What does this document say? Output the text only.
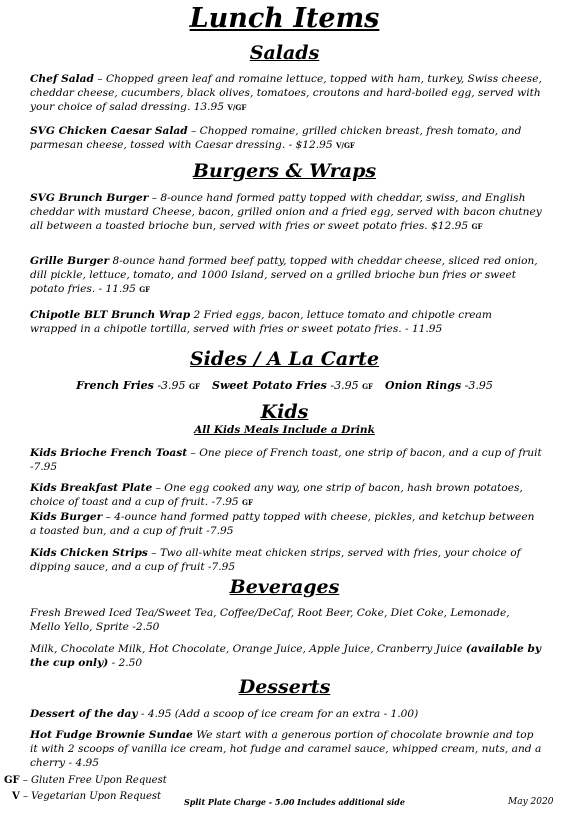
Lunch Items
Salads
Chef Salad – Chopped green leaf and romaine lettuce, topped with ham, turkey, Swiss cheese, cheddar cheese, cucumbers, black olives, tomatoes, croutons and hard-boiled egg, served with your choice of salad dressing. 13.95 V/GF
SVG Chicken Caesar Salad – Chopped romaine, grilled chicken breast, fresh tomato, and parmesan cheese, tossed with Caesar dressing. - $12.95 V/GF
Burgers & Wraps
SVG Brunch Burger – 8-ounce hand formed patty topped with cheddar, swiss, and English cheddar with mustard Cheese, bacon, grilled onion and a fried egg, served with bacon chutney all between a toasted brioche bun, served with fries or sweet potato fries. $12.95 GF
Grille Burger 8-ounce hand formed beef patty, topped with cheddar cheese, sliced red onion, dill pickle, lettuce, tomato, and 1000 Island, served on a grilled brioche bun fries or sweet potato fries. - 11.95 GF
Chipotle BLT Brunch Wrap 2 Fried eggs, bacon, lettuce tomato and chipotle cream wrapped in a chipotle tortilla, served with fries or sweet potato fries. - 11.95
Sides / A La Carte
French Fries -3.95 GF Sweet Potato Fries -3.95 GF Onion Rings -3.95
Kids
All Kids Meals Include a Drink
Kids Brioche French Toast – One piece of French toast, one strip of bacon, and a cup of fruit -7.95
Kids Breakfast Plate – One egg cooked any way, one strip of bacon, hash brown potatoes, choice of toast and a cup of fruit. -7.95 GF
Kids Burger – 4-ounce hand formed patty topped with cheese, pickles, and ketchup between a toasted bun, and a cup of fruit -7.95
Kids Chicken Strips – Two all-white meat chicken strips, served with fries, your choice of dipping sauce, and a cup of fruit -7.95
Beverages
Fresh Brewed Iced Tea/Sweet Tea, Coffee/DeCaf, Root Beer, Coke, Diet Coke, Lemonade, Mello Yello, Sprite -2.50
Milk, Chocolate Milk, Hot Chocolate, Orange Juice, Apple Juice, Cranberry Juice (available by the cup only) - 2.50
Desserts
Dessert of the day - 4.95 (Add a scoop of ice cream for an extra - 1.00)
Hot Fudge Brownie Sundae We start with a generous portion of chocolate brownie and top it with 2 scoops of vanilla ice cream, hot fudge and caramel sauce, whipped cream, nuts, and a cherry - 4.95
GF – Gluten Free Upon Request
V – Vegetarian Upon Request	Split Plate Charge - 5.00 Includes additional side	May 2020
